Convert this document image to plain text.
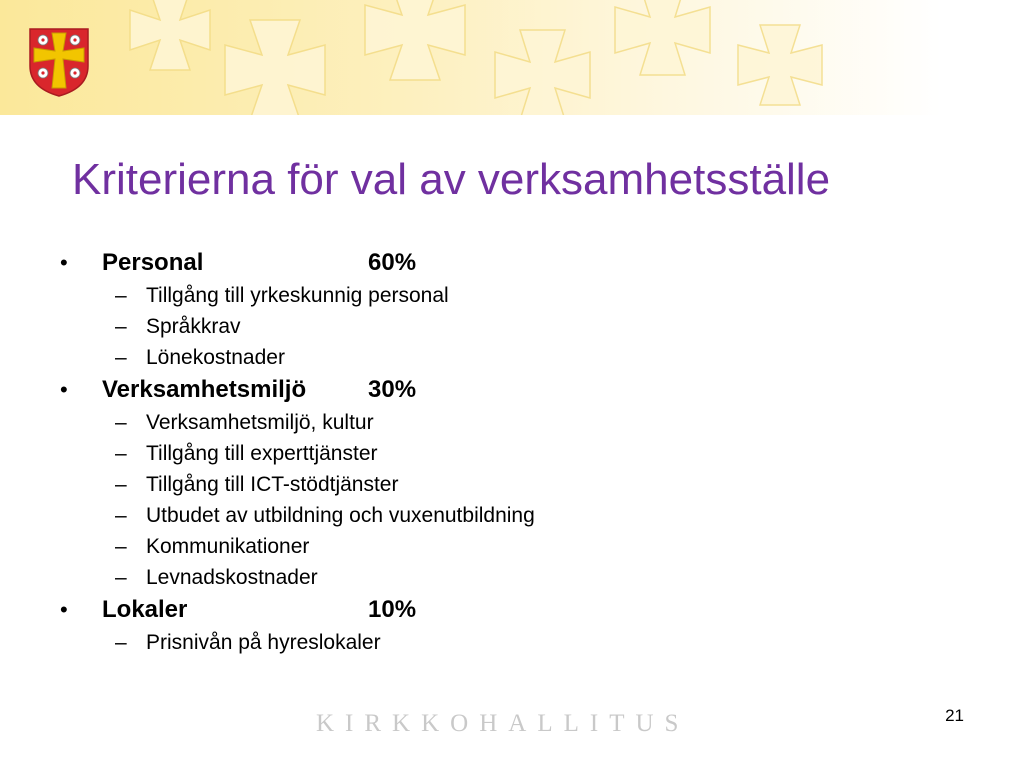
Kriterierna för val av verksamhetsställe
• Personal	60%
– Tillgång till yrkeskunnig personal
– Språkkrav
– Lönekostnader
• Verksamhetsmiljö	30%
– Verksamhetsmiljö, kultur
– Tillgång till experttjänster
– Tillgång till ICT-stödtjänster
– Utbudet av utbildning och vuxenutbildning
– Kommunikationer
– Levnadskostnader
• Lokaler	10%
– Prisnivån på hyreslokaler
KIRKKOHALLITUS	21
